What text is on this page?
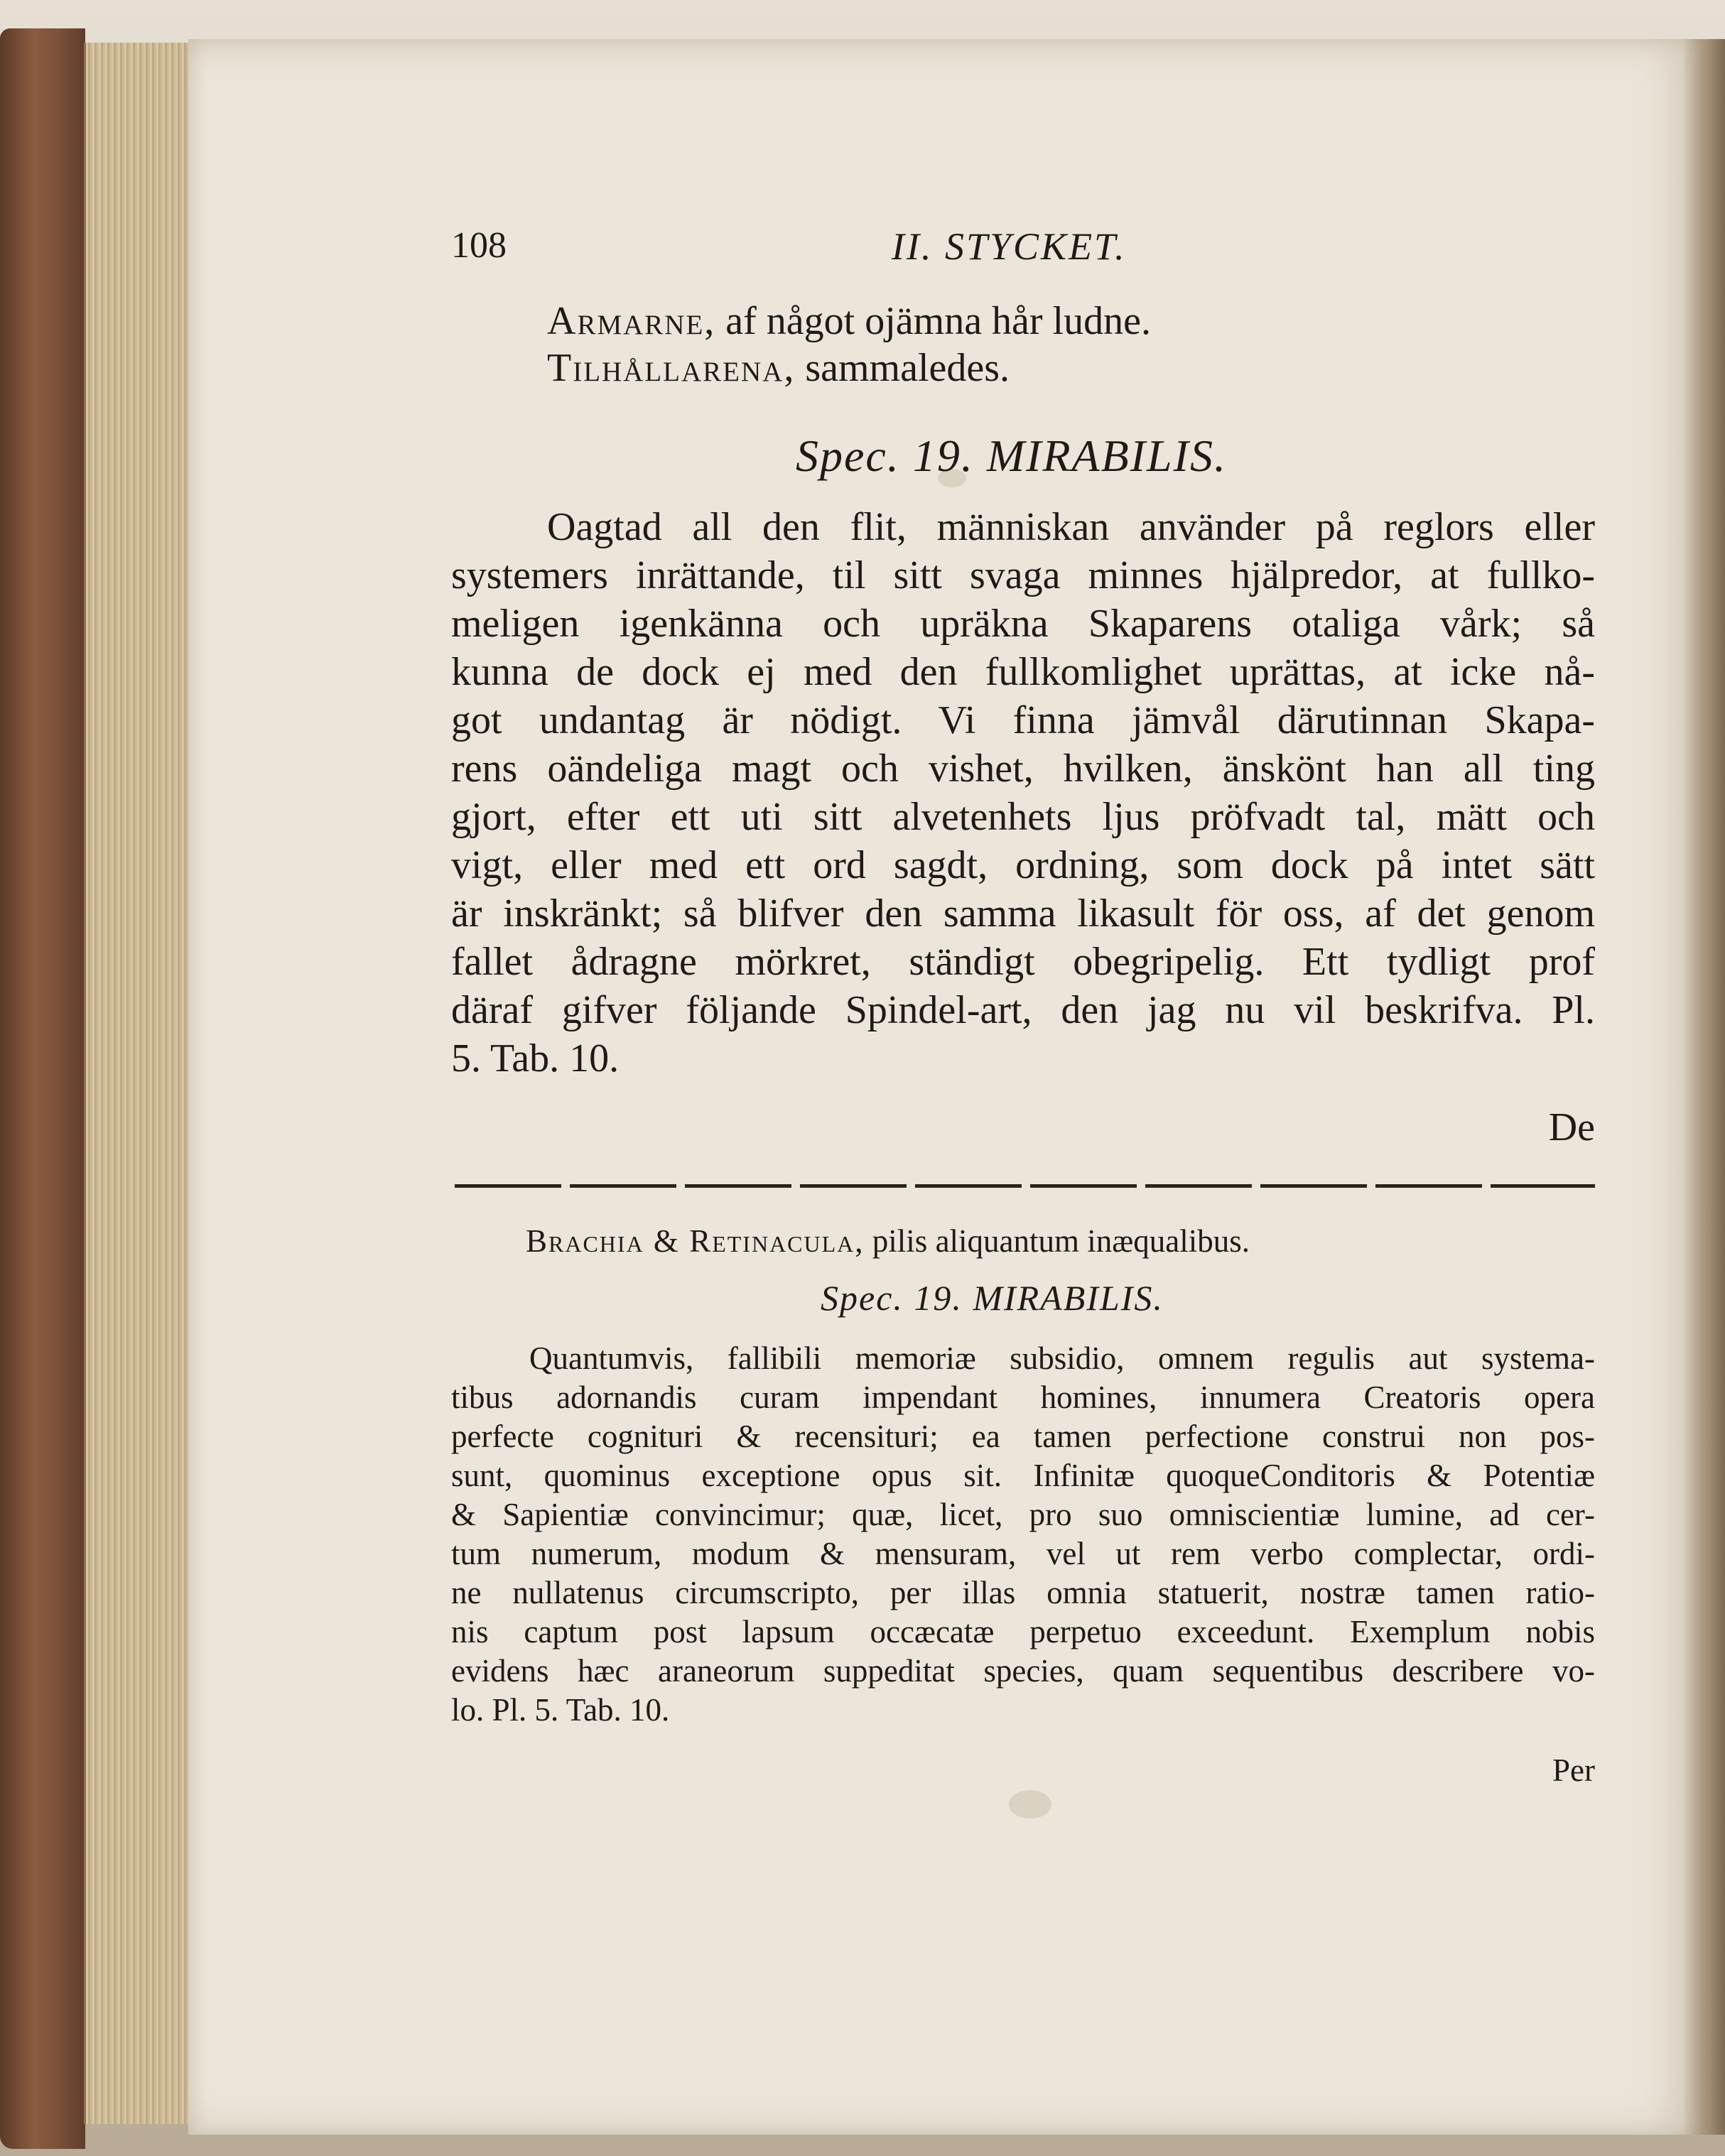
108	II. STYCKET.
Armarne, af något ojämna hår ludne.
Tilhållarena, sammaledes.
Spec. 19. MIRABILIS.
Oagtad all den flit, människan använder på reglors eller
systemers inrättande, til sitt svaga minnes hjälpredor, at fullko-
meligen igenkänna och upräkna Skaparens otaliga vårk; så
kunna de dock ej med den fullkomlighet uprättas, at icke nå-
got undantag är nödigt. Vi finna jämvål därutinnan Skapa-
rens oändeliga magt och vishet, hvilken, änskönt han all ting
gjort, efter ett uti sitt alvetenhets ljus pröfvadt tal, mätt och
vigt, eller med ett ord sagdt, ordning, som dock på intet sätt
är inskränkt; så blifver den samma likasult för oss, af det genom
fallet ådragne mörkret, ständigt obegripelig. Ett tydligt prof
däraf gifver följande Spindel-art, den jag nu vil beskrifva. Pl.
5. Tab. 10.
De
Brachia & Retinacula, pilis aliquantum inæqualibus.
Spec. 19. MIRABILIS.
Quantumvis, fallibili memoriæ subsidio, omnem regulis aut systema-
tibus adornandis curam impendant homines, innumera Creatoris opera
perfecte cognituri & recensituri; ea tamen perfectione construi non pos-
sunt, quominus exceptione opus sit. Infinitæ quoqueConditoris & Potentiæ
& Sapientiæ convincimur; quæ, licet, pro suo omniscientiæ lumine, ad cer-
tum numerum, modum & mensuram, vel ut rem verbo complectar, ordi-
ne nullatenus circumscripto, per illas omnia statuerit, nostræ tamen ratio-
nis captum post lapsum occæcatæ perpetuo exceedunt. Exemplum nobis
evidens hæc araneorum suppeditat species, quam sequentibus describere vo-
lo. Pl. 5. Tab. 10.
Per
